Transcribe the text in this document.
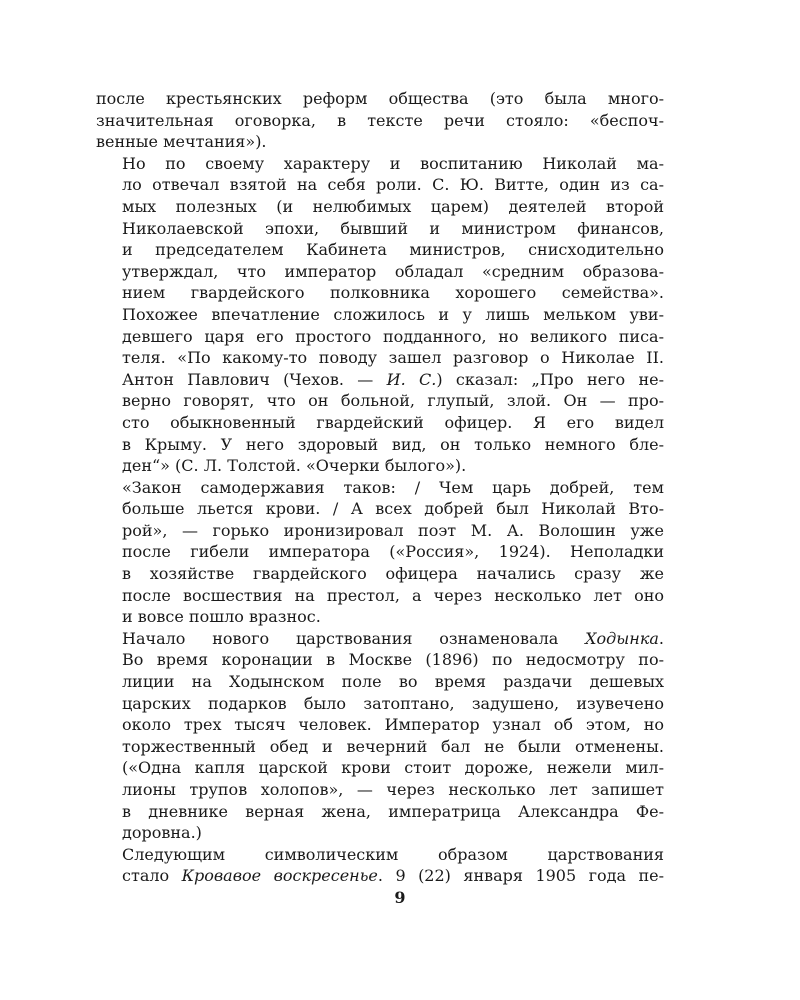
после крестьянских реформ общества (это была много-
значительная оговорка, в тексте речи стояло: «беспоч-
венные мечтания»).

Но по своему характеру и воспитанию Николай ма-
ло отвечал взятой на себя роли. С. Ю. Витте, один из са-
мых полезных (и нелюбимых царем) деятелей второй
Николаевской эпохи, бывший и министром финансов,
и председателем Кабинета министров, снисходительно
утверждал, что император обладал «средним образова-
нием гвардейского полковника хорошего семейства».
Похожее впечатление сложилось и у лишь мельком уви-
девшего царя его простого подданного, но великого писа-
теля. «По какому-то поводу зашел разговор о Николае II.
Антон Павлович (Чехов. — И. С.) сказал: „Про него не-
верно говорят, что он больной, глупый, злой. Он — про-
сто обыкновенный гвардейский офицер. Я его видел
в Крыму. У него здоровый вид, он только немного бле-
ден“» (С. Л. Толстой. «Очерки былого»).

«Закон самодержавия таков: / Чем царь добрей, тем
больше льется крови. / А всех добрей был Николай Вто-
рой», — горько иронизировал поэт М. А. Волошин уже
после гибели императора («Россия», 1924). Неполадки
в хозяйстве гвардейского офицера начались сразу же
после восшествия на престол, а через несколько лет оно
и вовсе пошло вразнос.

Начало нового царствования ознаменовала Ходынка.
Во время коронации в Москве (1896) по недосмотру по-
лиции на Ходынском поле во время раздачи дешевых
царских подарков было затоптано, задушено, изувечено
около трех тысяч человек. Император узнал об этом, но
торжественный обед и вечерний бал не были отменены.
(«Одна капля царской крови стоит дороже, нежели мил-
лионы трупов холопов», — через несколько лет запишет
в дневнике верная жена, императрица Александра Фе-
доровна.)

Следующим символическим образом царствования
стало Кровавое воскресенье. 9 (22) января 1905 года пе-

9
